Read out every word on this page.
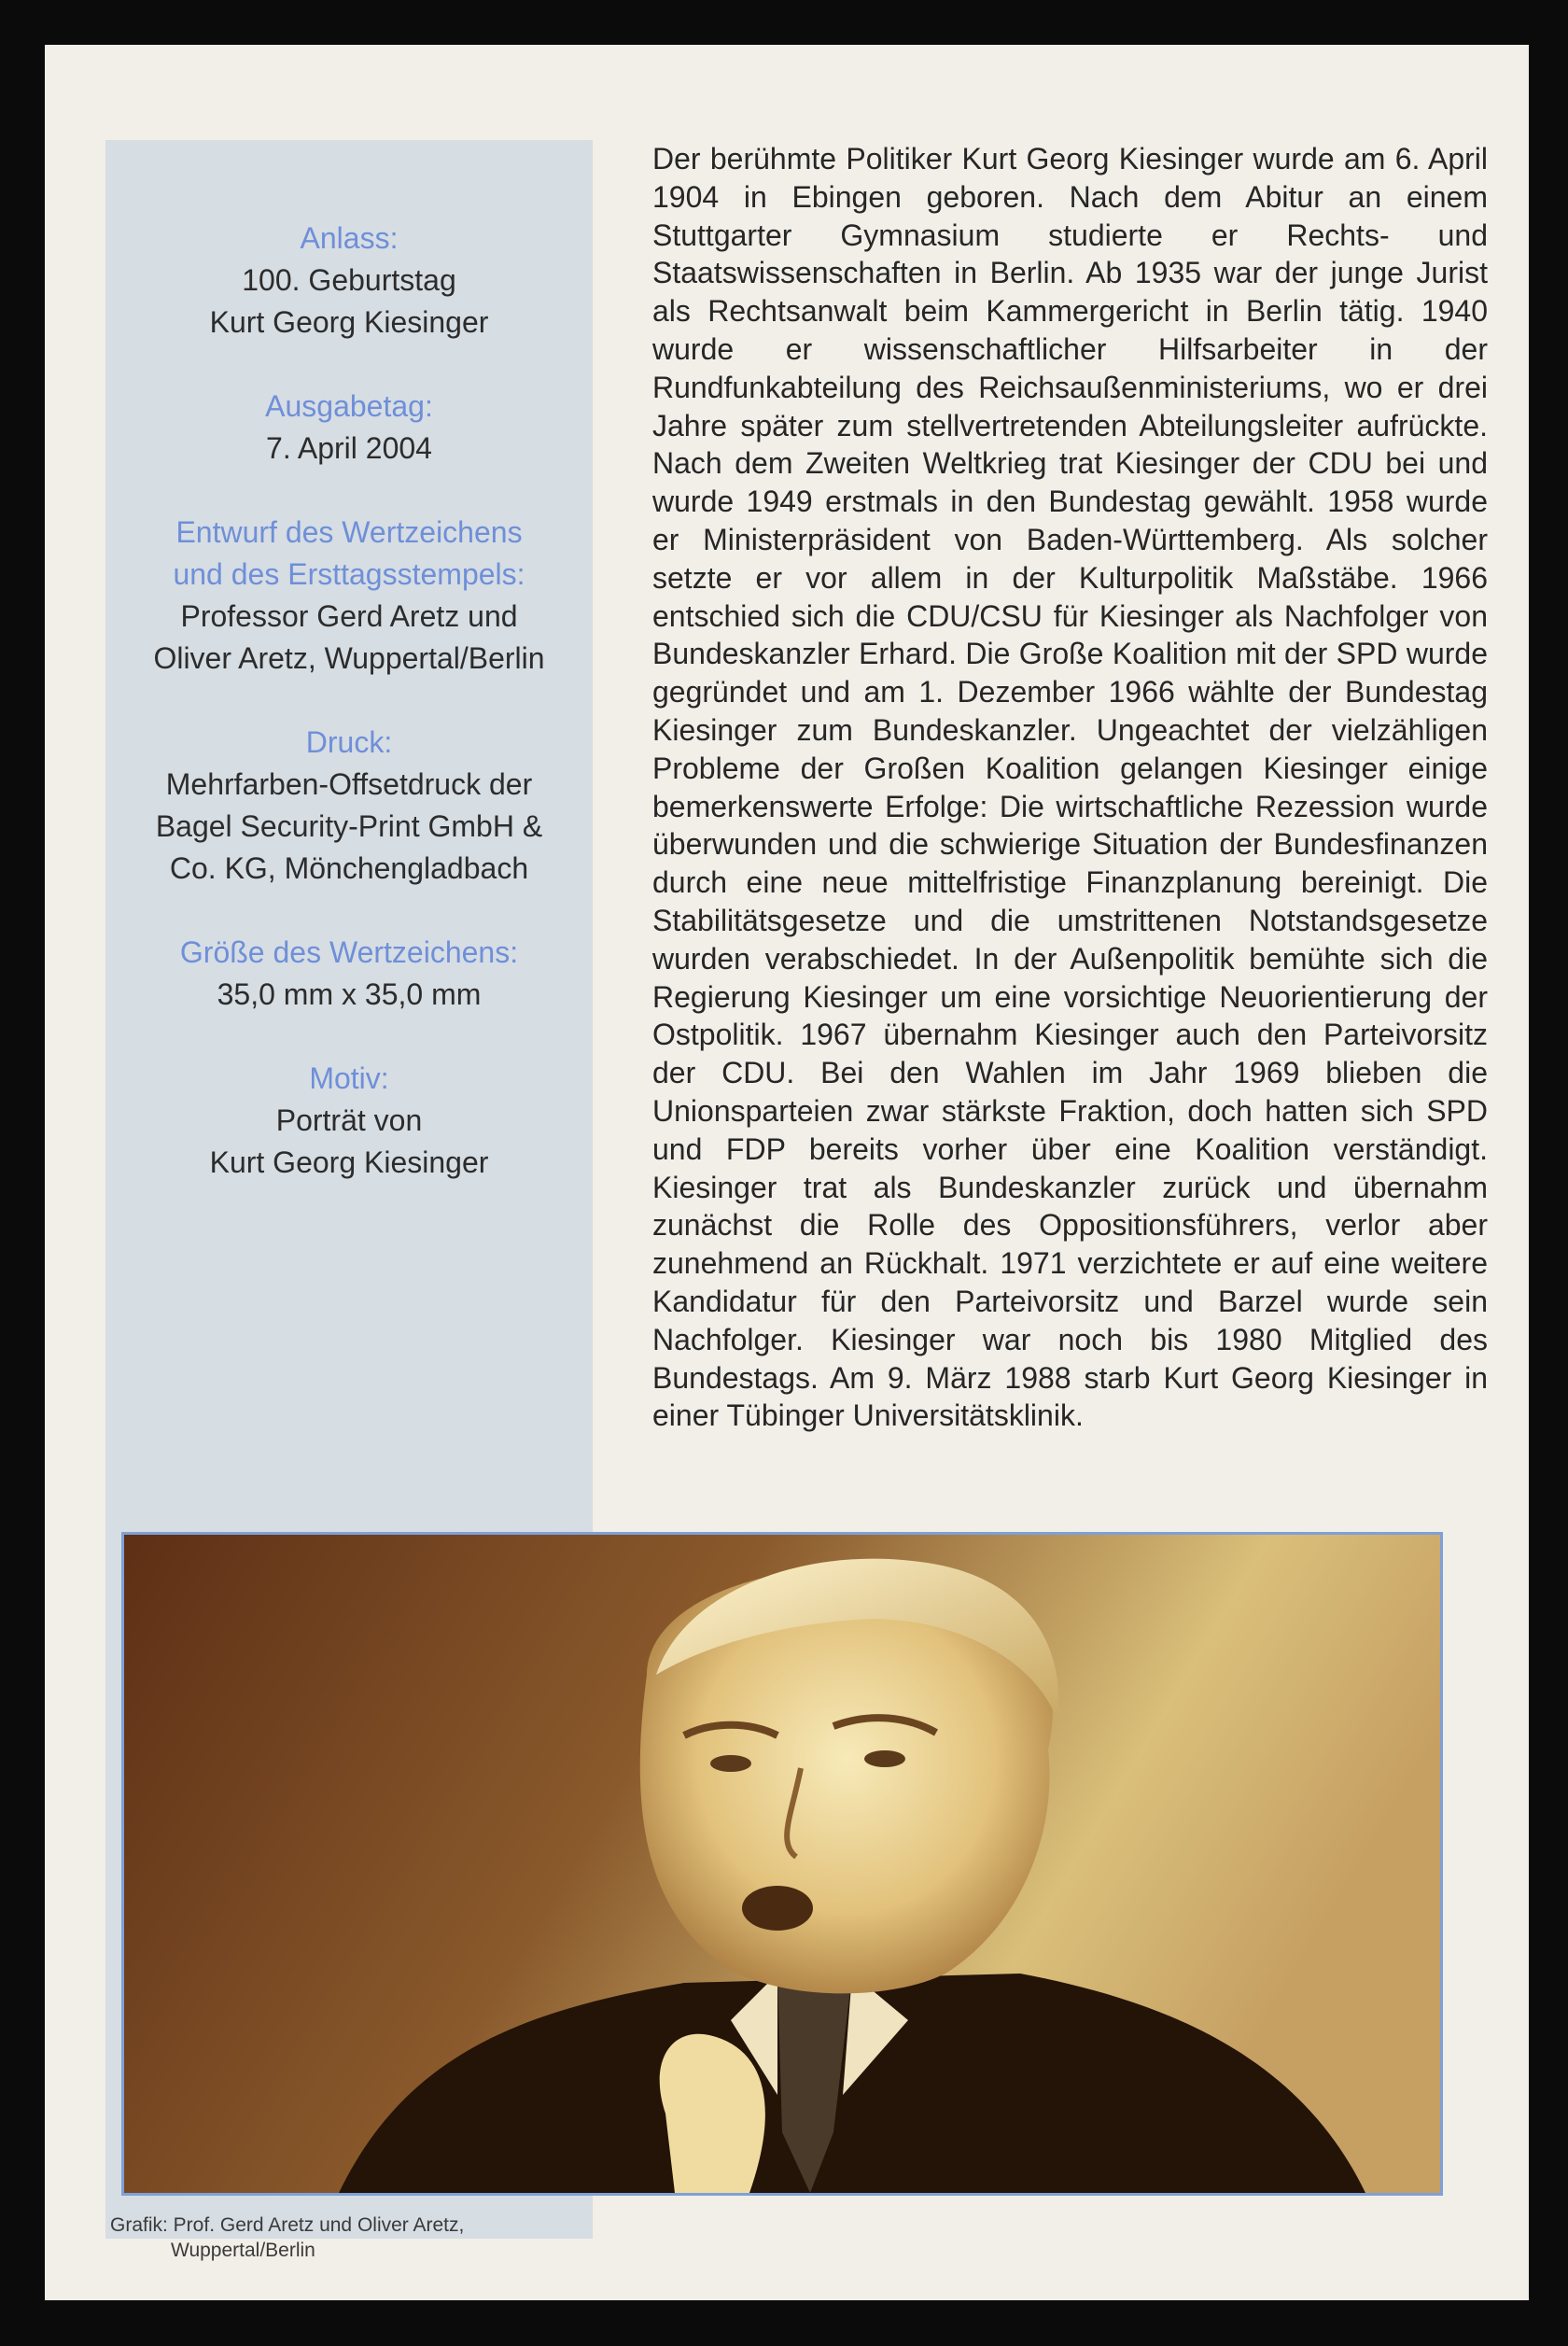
Anlass:
100. Geburtstag
Kurt Georg Kiesinger
Ausgabetag:
7. April 2004
Entwurf des Wertzeichens
und des Ersttagsstempels:
Professor Gerd Aretz und
Oliver Aretz, Wuppertal/Berlin
Druck:
Mehrfarben-Offsetdruck der
Bagel Security-Print GmbH &
Co. KG, Mönchengladbach
Größe des Wertzeichens:
35,0 mm x 35,0 mm
Motiv:
Porträt von
Kurt Georg Kiesinger
Der berühmte Politiker Kurt Georg Kiesinger wurde am 6. April 1904 in Ebingen geboren. Nach dem Abitur an einem Stuttgarter Gymnasium studierte er Rechts- und Staatswissenschaften in Berlin. Ab 1935 war der junge Jurist als Rechtsanwalt beim Kammergericht in Berlin tätig. 1940 wurde er wissenschaftlicher Hilfsarbeiter in der Rundfunkabteilung des Reichsaußenministeriums, wo er drei Jahre später zum stellvertretenden Abteilungsleiter aufrückte. Nach dem Zweiten Weltkrieg trat Kiesinger der CDU bei und wurde 1949 erstmals in den Bundestag gewählt. 1958 wurde er Ministerpräsident von Baden-Württemberg. Als solcher setzte er vor allem in der Kulturpolitik Maßstäbe. 1966 entschied sich die CDU/CSU für Kiesinger als Nachfolger von Bundeskanzler Erhard. Die Große Koalition mit der SPD wurde gegründet und am 1. Dezember 1966 wählte der Bundestag Kiesinger zum Bundeskanzler. Ungeachtet der vielzähligen Probleme der Großen Koalition gelangen Kiesinger einige bemerkenswerte Erfolge: Die wirtschaftliche Rezession wurde überwunden und die schwierige Situation der Bundesfinanzen durch eine neue mittelfristige Finanzplanung bereinigt. Die Stabilitätsgesetze und die umstrittenen Notstandsgesetze wurden verabschiedet. In der Außenpolitik bemühte sich die Regierung Kiesinger um eine vorsichtige Neuorientierung der Ostpolitik. 1967 übernahm Kiesinger auch den Parteivorsitz der CDU. Bei den Wahlen im Jahr 1969 blieben die Unionsparteien zwar stärkste Fraktion, doch hatten sich SPD und FDP bereits vorher über eine Koalition verständigt. Kiesinger trat als Bundeskanzler zurück und übernahm zunächst die Rolle des Oppositionsführers, verlor aber zunehmend an Rückhalt. 1971 verzichtete er auf eine weitere Kandidatur für den Parteivorsitz und Barzel wurde sein Nachfolger. Kiesinger war noch bis 1980 Mitglied des Bundestags. Am 9. März 1988 starb Kurt Georg Kiesinger in einer Tübinger Universitätsklinik.
Grafik: Prof. Gerd Aretz und Oliver Aretz,
Wuppertal/Berlin
